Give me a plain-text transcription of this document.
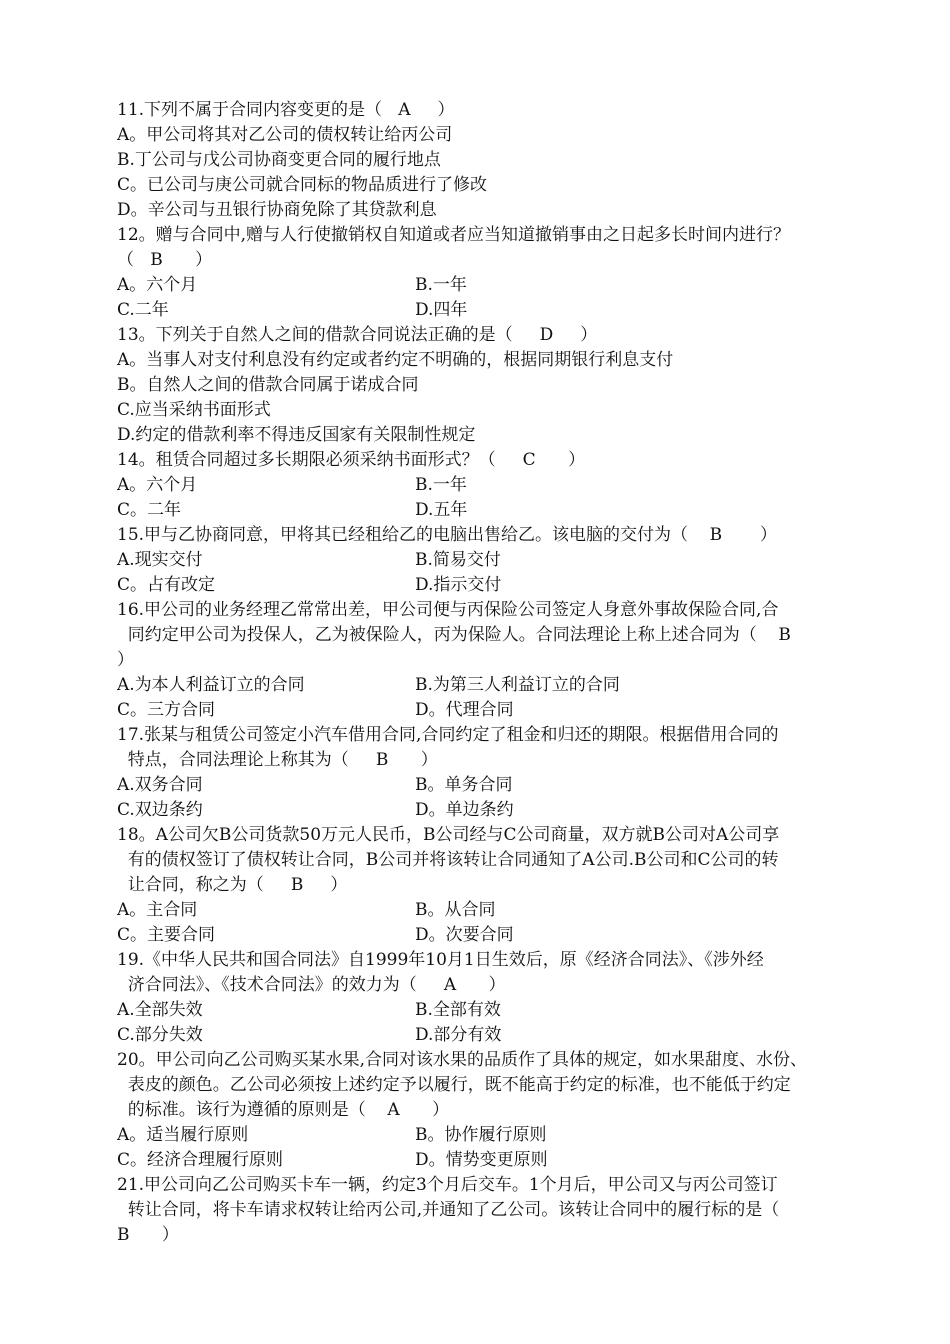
11.下列不属于合同内容变更的是（   A     ）
A。甲公司将其对乙公司的债权转让给丙公司
B.丁公司与戊公司协商变更合同的履行地点
C。已公司与庚公司就合同标的物品质进行了修改
D。辛公司与丑银行协商免除了其贷款利息
12。赠与合同中,赠与人行使撤销权自知道或者应当知道撤销事由之日起多长时间内进行？
（   B      ）
A。六个月	B.一年
C.二年	D.四年
13。下列关于自然人之间的借款合同说法正确的是（     D     ）
A。当事人对支付利息没有约定或者约定不明确的，根据同期银行利息支付
B。自然人之间的借款合同属于诺成合同
C.应当采纳书面形式
D.约定的借款利率不得违反国家有关限制性规定
14。租赁合同超过多长期限必须采纳书面形式？（     C      ）
A。六个月	B.一年
C。二年	D.五年
15.甲与乙协商同意，甲将其已经租给乙的电脑出售给乙。该电脑的交付为（    B       ）
A.现实交付	B.简易交付
C。占有改定	D.指示交付
16.甲公司的业务经理乙常常出差，甲公司便与丙保险公司签定人身意外事故保险合同,合
同约定甲公司为投保人，乙为被保险人，丙为保险人。合同法理论上称上述合同为（    B
）
A.为本人利益订立的合同	B.为第三人利益订立的合同
C。三方合同	D。代理合同
17.张某与租赁公司签定小汽车借用合同,合同约定了租金和归还的期限。根据借用合同的
特点，合同法理论上称其为（     B      ）
A.双务合同	B。单务合同
C.双边条约	D。单边条约
18。A公司欠B公司货款50万元人民币，B公司经与C公司商量，双方就B公司对A公司享
有的债权签订了债权转让合同，B公司并将该转让合同通知了A公司.B公司和C公司的转
让合同，称之为（     B     ）
A。主合同	B。从合同
C。主要合同	D。次要合同
19.《中华人民共和国合同法》自1999年10月1日生效后，原《经济合同法》、《涉外经
济合同法》、《技术合同法》的效力为（     A      ）
A.全部失效	B.全部有效
C.部分失效	D.部分有效
20。甲公司向乙公司购买某水果,合同对该水果的品质作了具体的规定，如水果甜度、水份、
表皮的颜色。乙公司必须按上述约定予以履行，既不能高于约定的标准，也不能低于约定
的标准。该行为遵循的原则是（    A      ）
A。适当履行原则	B。协作履行原则
C。经济合理履行原则	D。情势变更原则
21.甲公司向乙公司购买卡车一辆，约定3个月后交车。1个月后，甲公司又与丙公司签订
转让合同，将卡车请求权转让给丙公司,并通知了乙公司。该转让合同中的履行标的是（
B      ）
